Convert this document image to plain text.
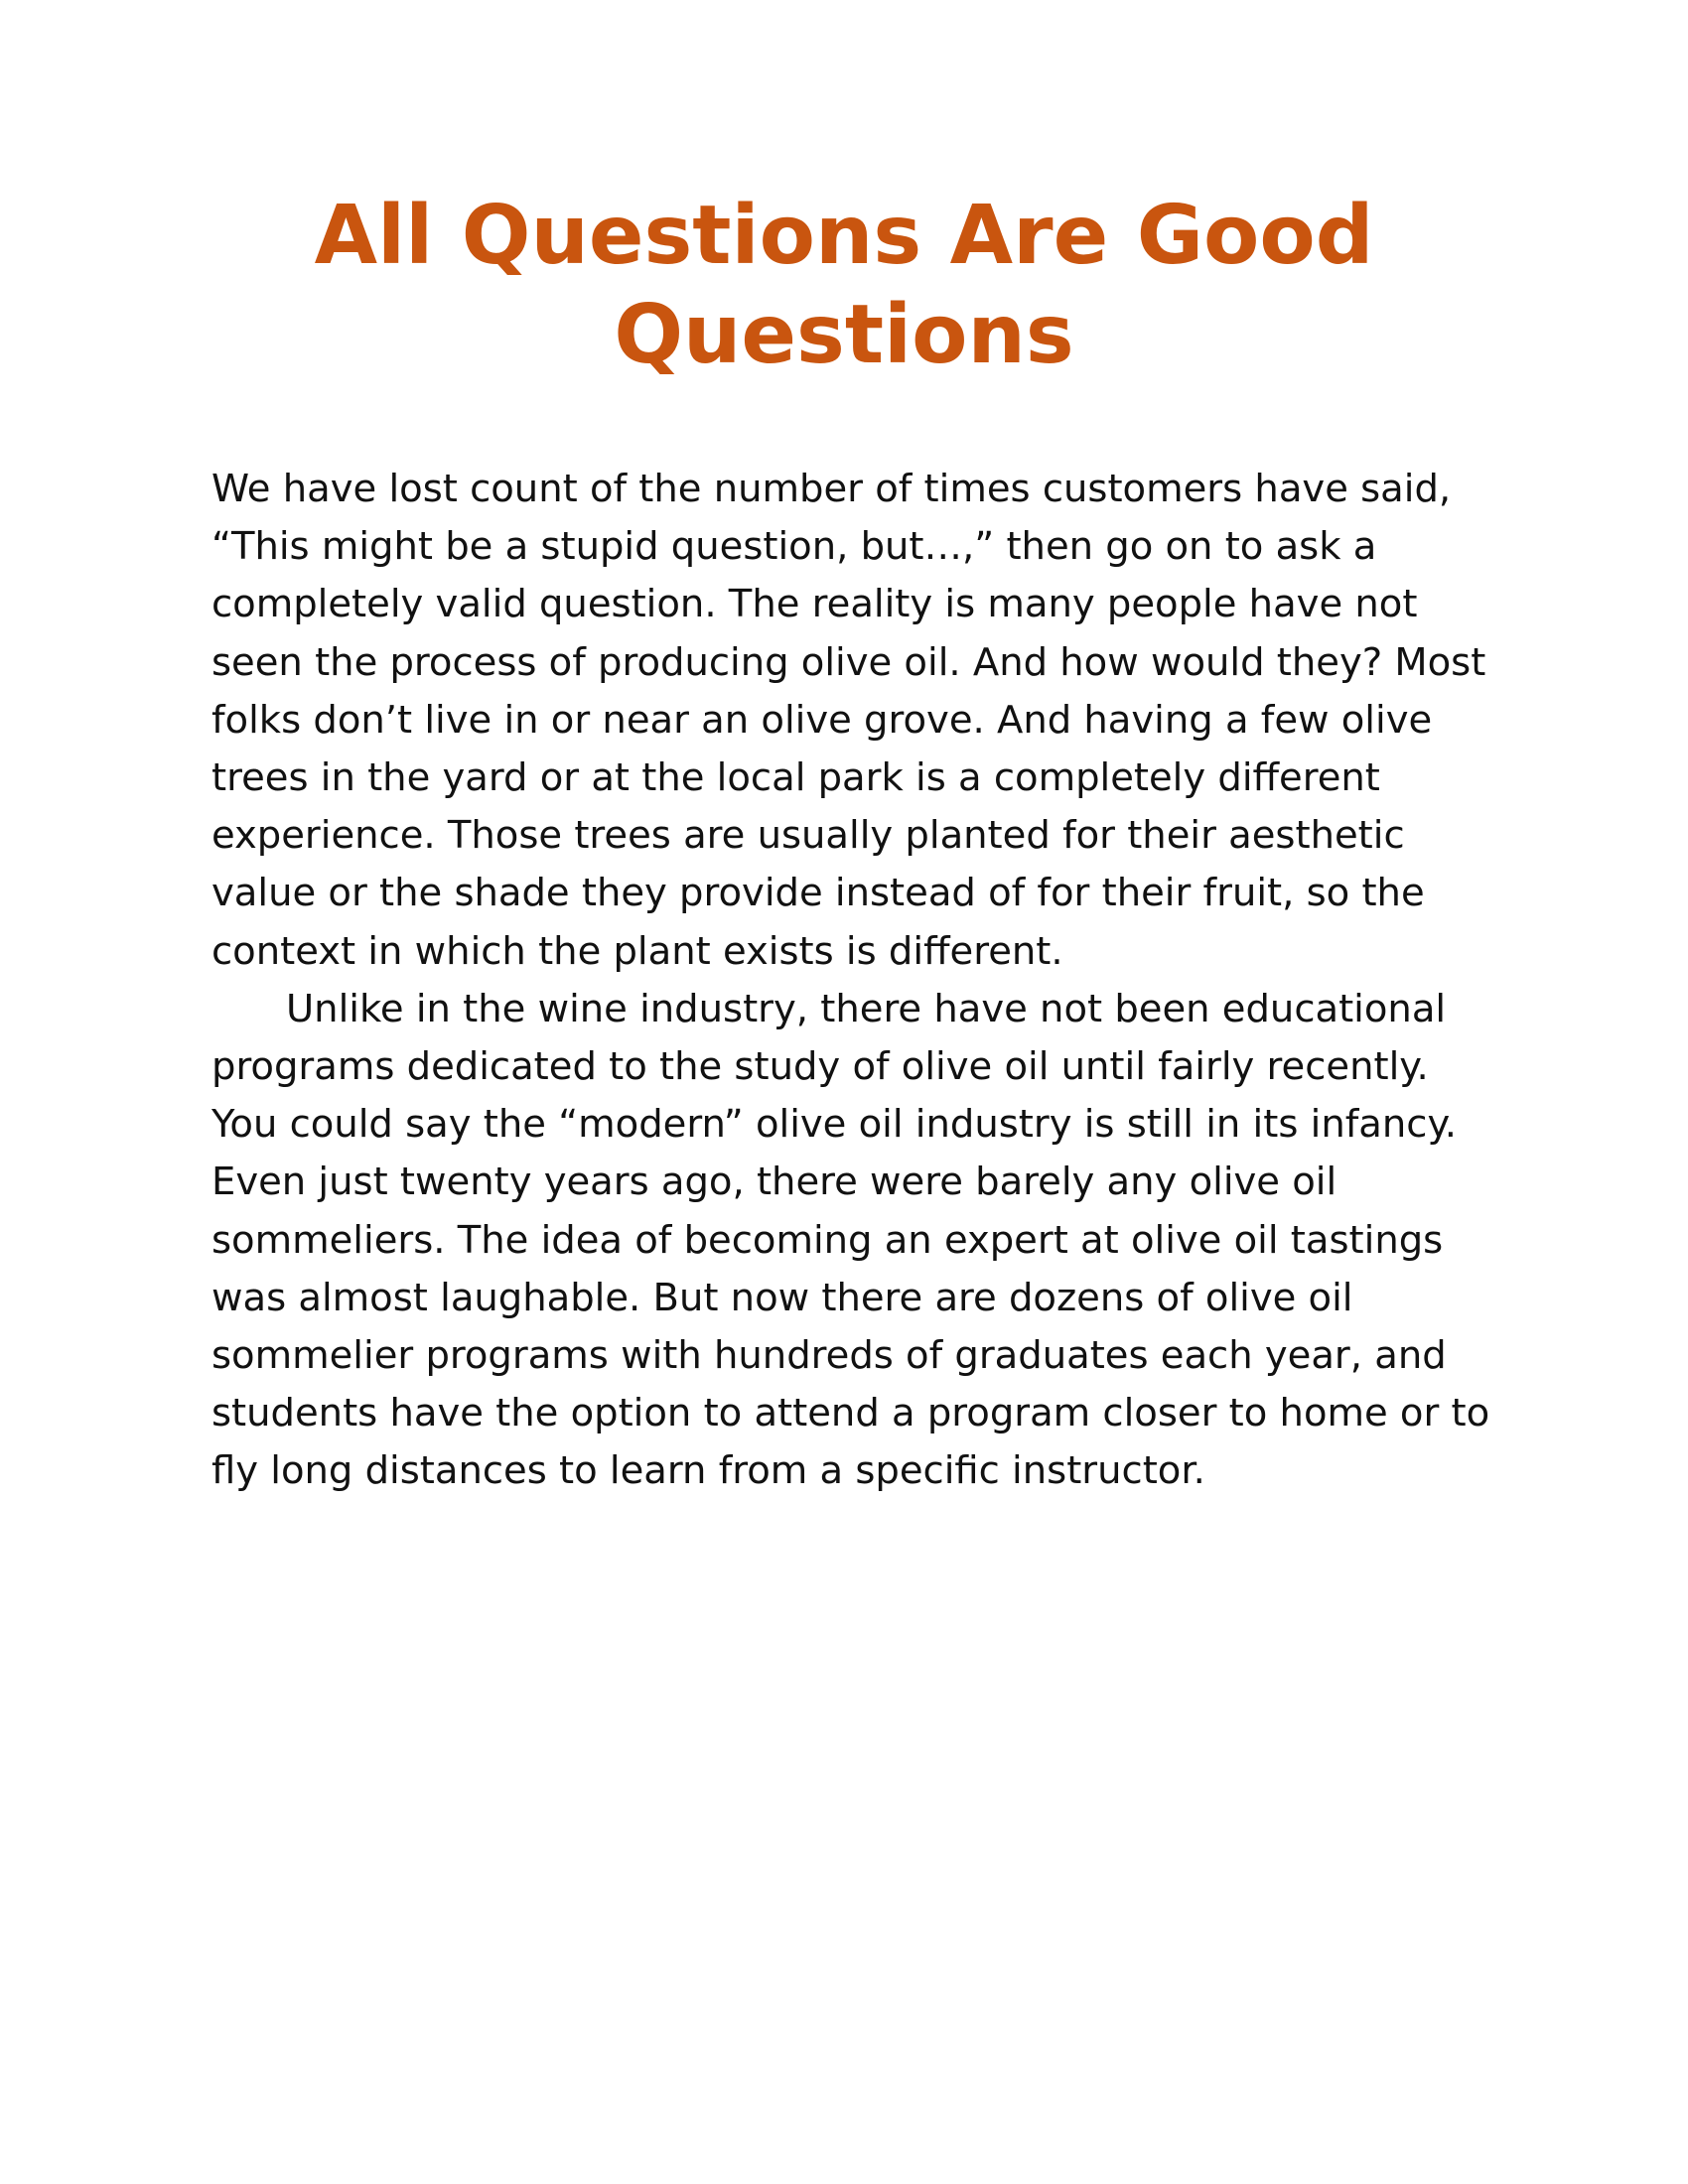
All Questions Are Good Questions

We have lost count of the number of times customers have said, “This might be a stupid question, but…,” then go on to ask a completely valid question. The reality is many people have not seen the process of producing olive oil. And how would they? Most folks don’t live in or near an olive grove. And having a few olive trees in the yard or at the local park is a completely different experience. Those trees are usually planted for their aesthetic value or the shade they provide instead of for their fruit, so the context in which the plant exists is different.

Unlike in the wine industry, there have not been educational programs dedicated to the study of olive oil until fairly recently. You could say the “modern” olive oil industry is still in its infancy. Even just twenty years ago, there were barely any olive oil sommeliers. The idea of becoming an expert at olive oil tastings was almost laughable. But now there are dozens of olive oil sommelier programs with hundreds of graduates each year, and students have the option to attend a program closer to home or to fly long distances to learn from a specific instructor.
